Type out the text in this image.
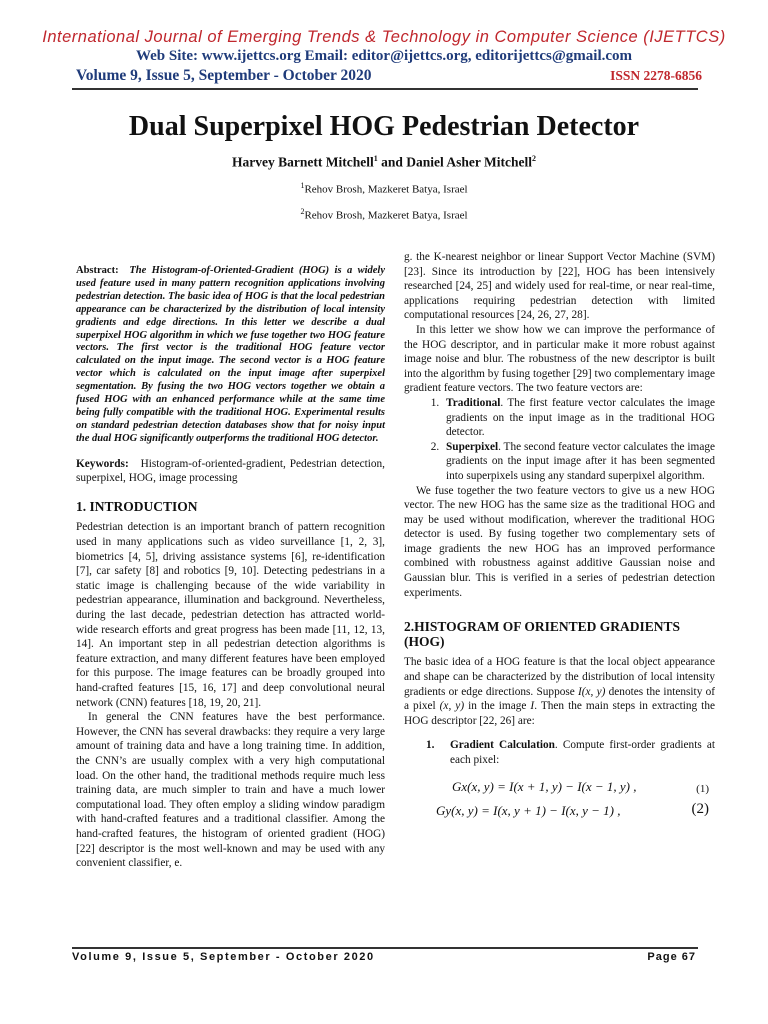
International Journal of Emerging Trends & Technology in Computer Science (IJETTCS)
Web Site: www.ijettcs.org Email: editor@ijettcs.org, editorijettcs@gmail.com
Volume 9, Issue 5, September - October 2020	ISSN 2278-6856
Dual Superpixel HOG Pedestrian Detector
Harvey Barnett Mitchell$^1$ and Daniel Asher Mitchell$^2$
$^1$Rehov Brosh, Mazkeret Batya, Israel
$^2$Rehov Brosh, Mazkeret Batya, Israel

Abstract: The Histogram-of-Oriented-Gradient (HOG) is a widely used feature used in many pattern recognition applications involving pedestrian detection. The basic idea of HOG is that the local pedestrian appearance can be characterized by the distribution of local intensity gradients and edge directions. In this letter we describe a dual superpixel HOG algorithm in which we fuse together two HOG feature vectors. The first vector is the traditional HOG feature vector calculated on the input image. The second vector is a HOG feature vector which is calculated on the input image after superpixel segmentation. By fusing the two HOG vectors together we obtain a fused HOG with an enhanced performance while at the same time being fully compatible with the traditional HOG. Experimental results on standard pedestrian detection databases show that for noisy input the dual HOG significantly outperforms the traditional HOG detector.

Keywords: Histogram-of-oriented-gradient, Pedestrian detection, superpixel, HOG, image processing

1. INTRODUCTION

Pedestrian detection is an important branch of pattern recognition used in many applications such as video surveillance [1, 2, 3], biometrics [4, 5], driving assistance systems [6], re-identification [7], car safety [8] and robotics [9, 10]. Detecting pedestrians in a static image is challenging because of the wide variability in pedestrian appearance, illumination and background. Nevertheless, during the last decade, pedestrian detection has attracted world-wide research efforts and great progress has been made [11, 12, 13, 14]. An important step in all pedestrian detection algorithms is feature extraction, and many different features have been employed for this purpose. The image features can be broadly grouped into hand-crafted features [15, 16, 17] and deep convolutional neural network (CNN) features [18, 19, 20, 21].

In general the CNN features have the best performance. However, the CNN has several drawbacks: they require a very large amount of training data and have a long training time. In addition, the CNN’s are usually complex with a very high computational load. On the other hand, the traditional methods require much less training data, are much simpler to train and have a much lower computational load. They often employ a sliding window paradigm with hand-crafted features and a traditional classifier. Among the hand-crafted features, the histogram of oriented gradient (HOG) [22] descriptor is the most well-known and may be used with any convenient classifier, e.

g. the K-nearest neighbor or linear Support Vector Machine (SVM) [23]. Since its introduction by [22], HOG has been intensively researched [24, 25] and widely used for real-time, or near real-time, applications requiring pedestrian detection with limited computational resources [24, 26, 27, 28].

In this letter we show how we can improve the performance of the HOG descriptor, and in particular make it more robust against image noise and blur. The robustness of the new descriptor is built into the algorithm by fusing together [29] two complementary image gradient feature vectors. The two feature vectors are:

1. Traditional. The first feature vector calculates the image gradients on the input image as in the traditional HOG detector.
2. Superpixel. The second feature vector calculates the image gradients on the input image after it has been segmented into superpixels using any standard superpixel algorithm.

We fuse together the two feature vectors to give us a new HOG vector. The new HOG has the same size as the traditional HOG and may be used without modification, wherever the traditional HOG detector is used. By fusing together two complementary sets of image gradients the new HOG has an improved performance combined with robustness against additive Gaussian noise and Gaussian blur. This is verified in a series of pedestrian detection experiments.

2.HISTOGRAM OF ORIENTED GRADIENTS (HOG)

The basic idea of a HOG feature is that the local object appearance and shape can be characterized by the distribution of local intensity gradients or edge directions. Suppose I(x, y) denotes the intensity of a pixel (x, y) in the image I. Then the main steps in extracting the HOG descriptor [22, 26] are:

1.	Gradient Calculation. Compute first-order gradients at each pixel:

Gx(x, y) = I(x + 1, y) − I(x − 1, y) ,	(1)
Gy(x, y) = I(x, y + 1) − I(x, y − 1) ,	(2)
Volume 9, Issue 5, September - October 2020	Page 67
